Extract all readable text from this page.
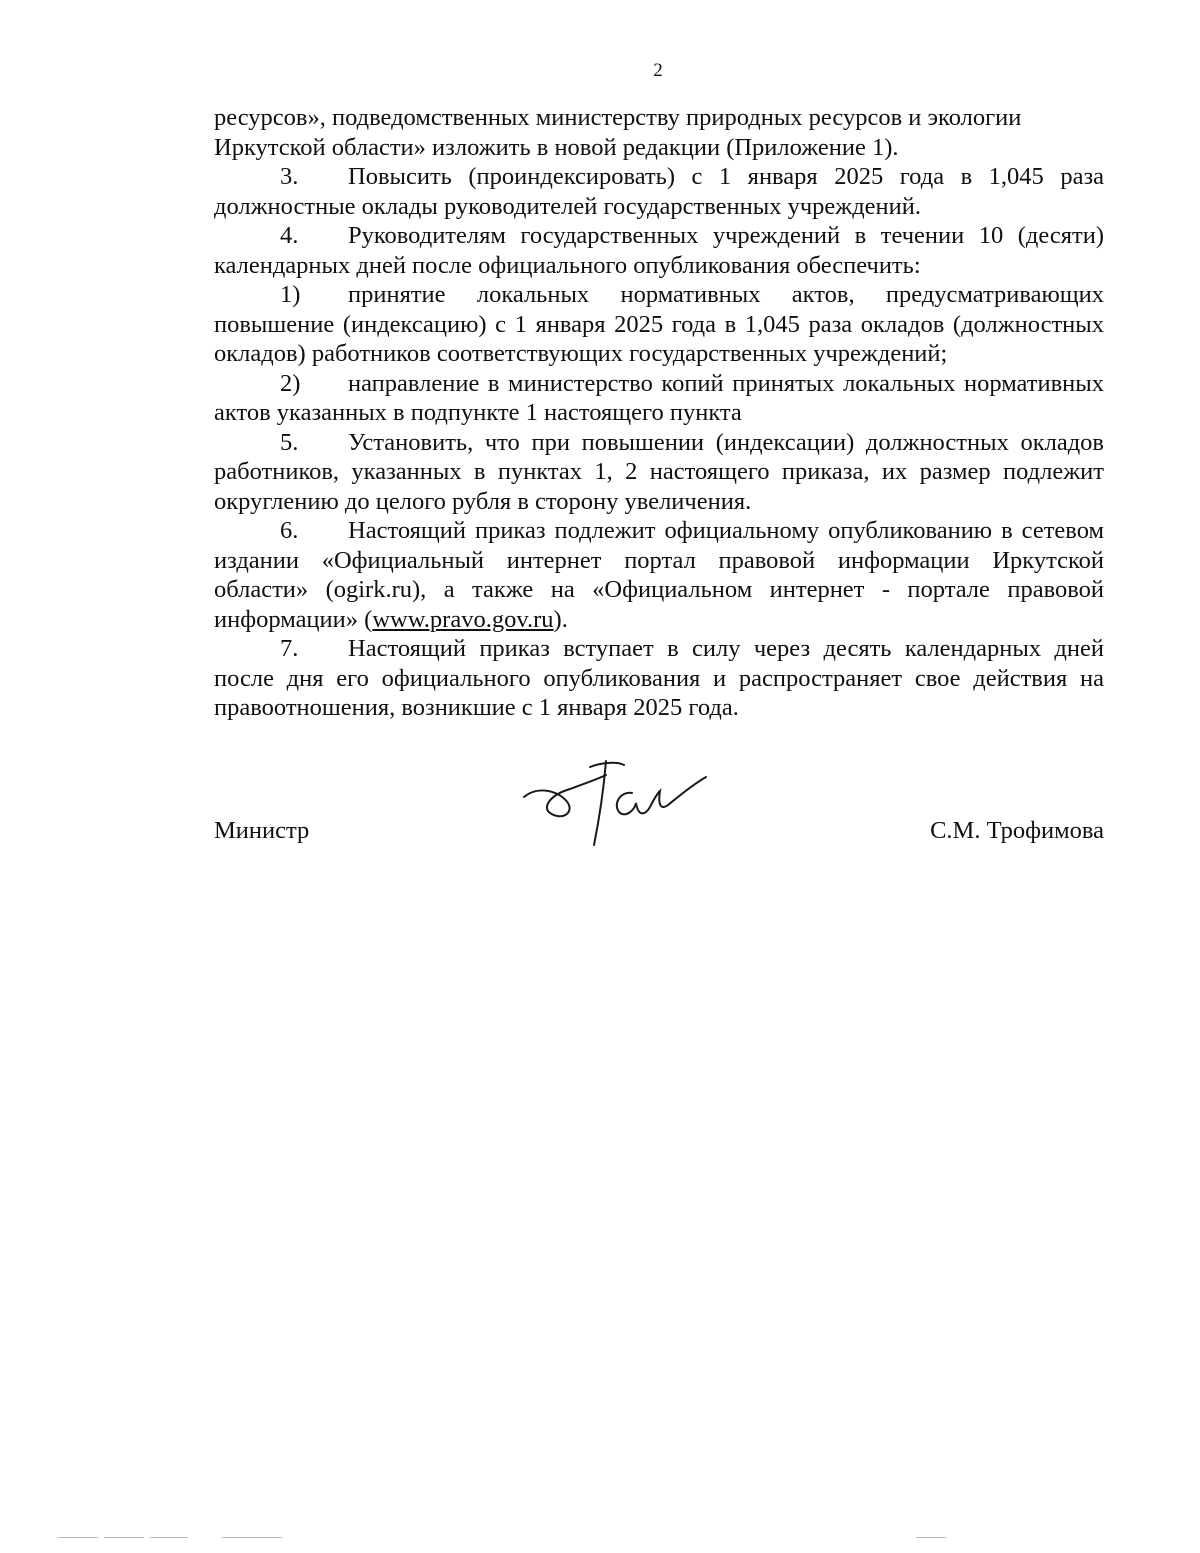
2

ресурсов», подведомственных министерству природных ресурсов и экологии
Иркутской области» изложить в новой редакции (Приложение 1).

3. Повысить (проиндексировать) с 1 января 2025 года в 1,045 раза должностные оклады руководителей государственных учреждений.

4. Руководителям государственных учреждений в течении 10 (десяти) календарных дней после официального опубликования обеспечить:

1) принятие локальных нормативных актов, предусматривающих повышение (индексацию) с 1 января 2025 года в 1,045 раза окладов (должностных окладов) работников соответствующих государственных учреждений;

2) направление в министерство копий принятых локальных нормативных актов указанных в подпункте 1 настоящего пункта

5. Установить, что при повышении (индексации) должностных окладов работников, указанных в пунктах 1, 2 настоящего приказа, их размер подлежит округлению до целого рубля в сторону увеличения.

6. Настоящий приказ подлежит официальному опубликованию в сетевом издании «Официальный интернет портал правовой информации Иркутской области» (ogirk.ru), а также на «Официальном интернет - портале правовой информации» (www.pravo.gov.ru).

7. Настоящий приказ вступает в силу через десять календарных дней после дня его официального опубликования и распространяет свое действия на правоотношения, возникшие с 1 января 2025 года.

Министр	С.М. Трофимова
